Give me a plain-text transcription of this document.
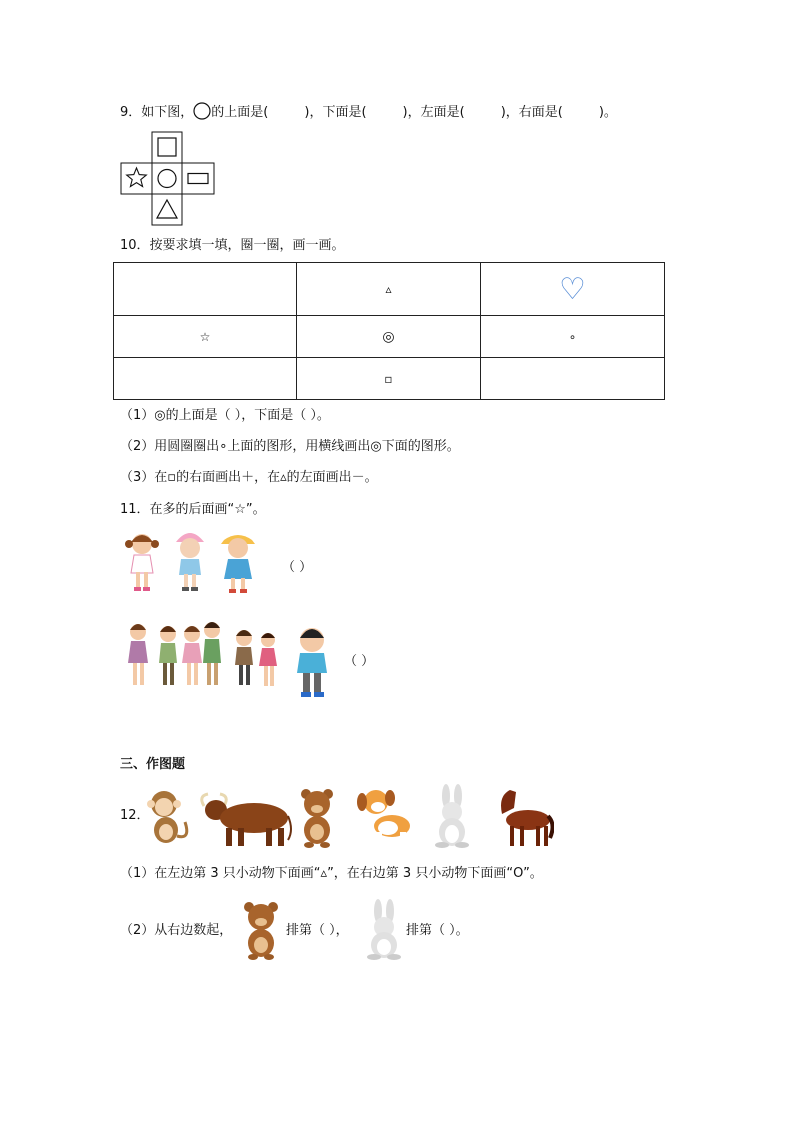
9．如下图， 的上面是(	)，下面是(	)，左面是(	)，右面是(	)。
10．按要求填一填，圈一圈，画一画。
	▵	♡
☆	◎	∘
	▫	
（1）◎的上面是（ ），下面是（ ）。
（2）用圆圈圈出∘上面的图形，用横线画出◎下面的图形。
（3）在▫的右面画出＋，在▵的左面画出－。
11．在多的后面画“☆”。
（ ）
（ ）
三、作图题
12．
（1）在左边第 3 只小动物下面画“▵”，在右边第 3 只小动物下面画“O”。
（2）从右边数起，	排第（ ），	排第（ ）。
